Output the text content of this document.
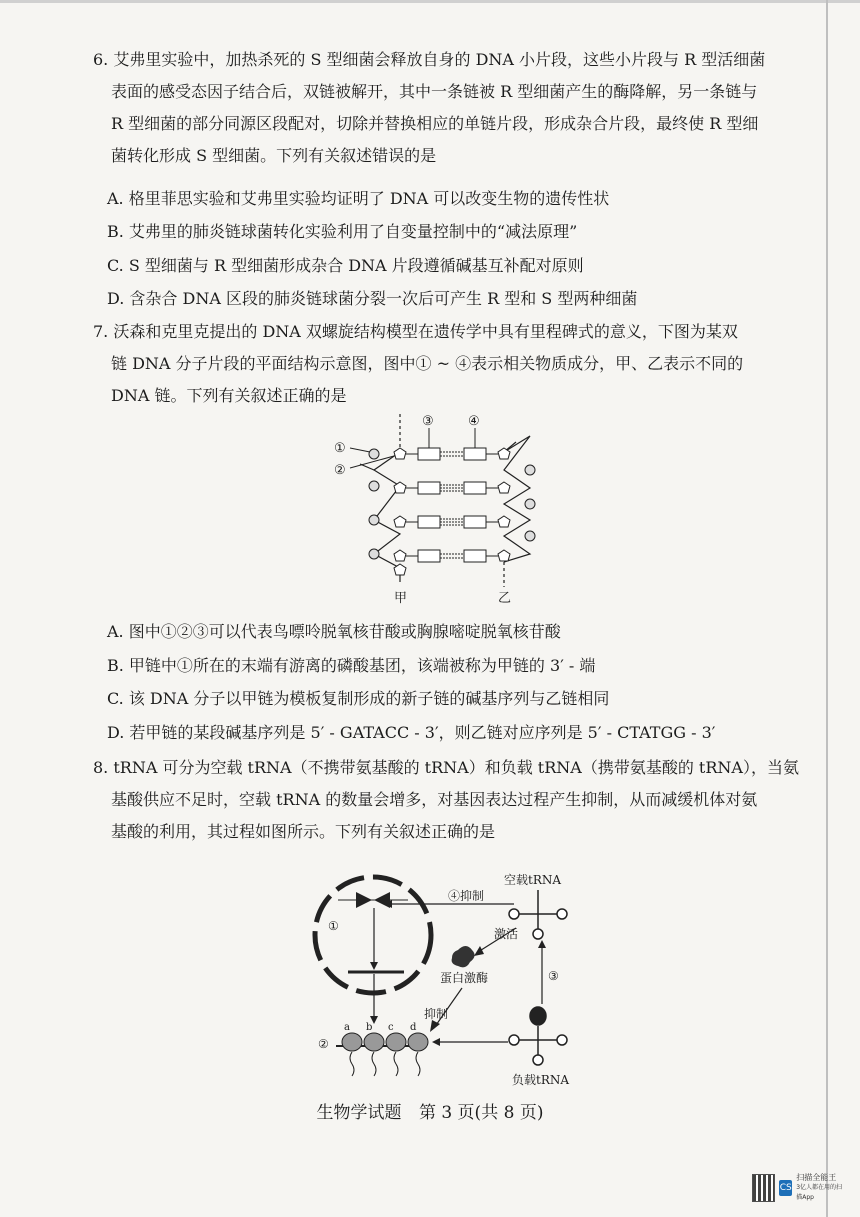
6. 艾弗里实验中，加热杀死的 S 型细菌会释放自身的 DNA 小片段，这些小片段与 R 型活细菌

表面的感受态因子结合后，双链被解开，其中一条链被 R 型细菌产生的酶降解，另一条链与

R 型细菌的部分同源区段配对，切除并替换相应的单链片段，形成杂合片段，最终使 R 型细

菌转化形成 S 型细菌。下列有关叙述错误的是

A. 格里菲思实验和艾弗里实验均证明了 DNA 可以改变生物的遗传性状
B. 艾弗里的肺炎链球菌转化实验利用了自变量控制中的“减法原理”
C. S 型细菌与 R 型细菌形成杂合 DNA 片段遵循碱基互补配对原则
D. 含杂合 DNA 区段的肺炎链球菌分裂一次后可产生 R 型和 S 型两种细菌

7. 沃森和克里克提出的 DNA 双螺旋结构模型在遗传学中具有里程碑式的意义，下图为某双

链 DNA 分子片段的平面结构示意图，图中① ~ ④表示相关物质成分，甲、乙表示不同的

DNA 链。下列有关叙述正确的是

③	④
①
②
甲	乙
A. 图中①②③可以代表鸟嘌呤脱氧核苷酸或胸腺嘧啶脱氧核苷酸
B. 甲链中①所在的末端有游离的磷酸基团，该端被称为甲链的 3′ - 端
C. 该 DNA 分子以甲链为模板复制形成的新子链的碱基序列与乙链相同
D. 若甲链的某段碱基序列是 5′ - GATACC - 3′，则乙链对应序列是 5′ - CTATGG - 3′

8. tRNA 可分为空载 tRNA（不携带氨基酸的 tRNA）和负载 tRNA（携带氨基酸的 tRNA），当氨

基酸供应不足时，空载 tRNA 的数量会增多，对基因表达过程产生抑制，从而减缓机体对氨

基酸的利用，其过程如图所示。下列有关叙述正确的是

空载tRNA
负载tRNA
④抑制
激活
蛋白激酶
抑制
①
②
③
a b c d
生物学试题 第 3 页(共 8 页)
CS
扫描全能王
3亿人都在用的扫描App
